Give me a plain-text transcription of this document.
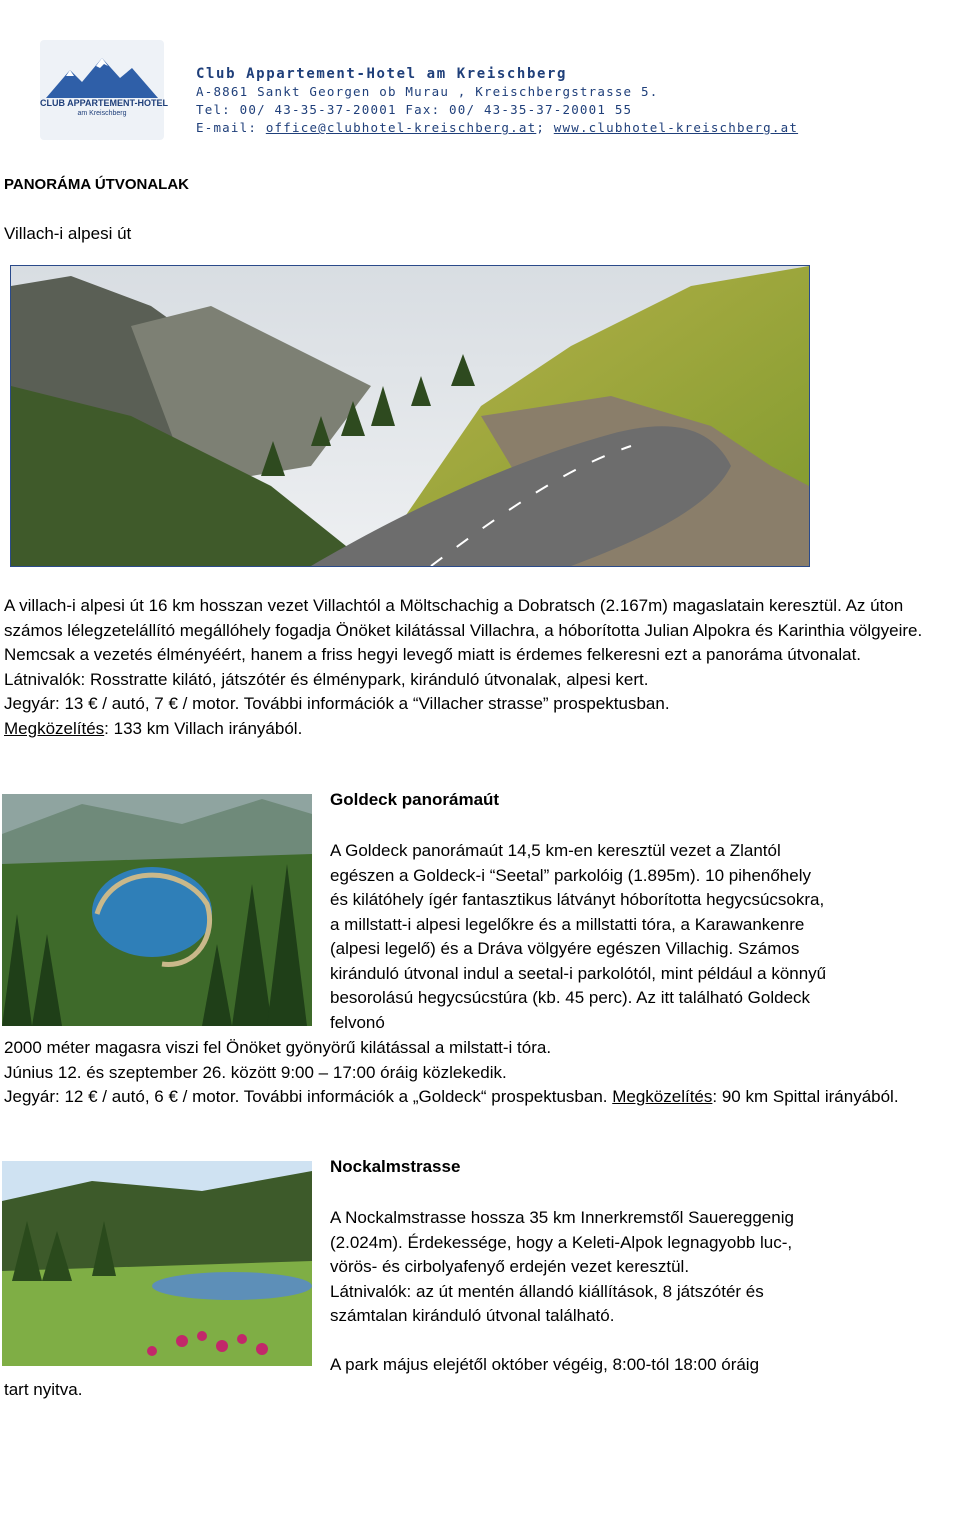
CLUB APPARTEMENT-HOTEL
am Kreischberg
Club Appartement-Hotel am Kreischberg
A-8861 Sankt Georgen ob Murau , Kreischbergstrasse 5.
Tel: 00/ 43-35-37-20001 Fax: 00/ 43-35-37-20001 55
E-mail: office@clubhotel-kreischberg.at; www.clubhotel-kreischberg.at
PANORÁMA ÚTVONALAK
Villach-i alpesi út

A villach-i alpesi út 16 km hosszan vezet Villachtól a Möltschachig a Dobratsch (2.167m) magaslatain keresztül. Az úton számos lélegzetelállító megállóhely fogadja Önöket kilátással Villachra, a hóborította Julian Alpokra és Karinthia völgyeire. Nemcsak a vezetés élményéért, hanem a friss hegyi levegő miatt is érdemes felkeresni ezt a panoráma útvonalat.

Látnivalók: Rosstratte kilátó, játszótér és élménypark, kiránduló útvonalak, alpesi kert.

Jegyár: 13 € / autó, 7 € / motor. További információk a “Villacher strasse” prospektusban.

Megközelítés: 133 km Villach irányából.

Goldeck panorámaút
A Goldeck panorámaút 14,5 km-en keresztül vezet a Zlantól egészen a Goldeck-i “Seetal” parkolóig (1.895m). 10 pihenőhely és kilátóhely ígér fantasztikus látványt hóborította hegycsúcsokra, a millstatt-i alpesi legelőkre és a millstatti tóra, a Karawankenre (alpesi legelő) és a Dráva völgyére egészen Villachig. Számos kiránduló útvonal indul a seetal-i parkolótól, mint például a könnyű besorolású hegycsúcstúra (kb. 45 perc). Az itt található Goldeck felvonó
2000 méter magasra viszi fel Önöket gyönyörű kilátással a milstatt-i tóra.
Június 12. és szeptember 26. között 9:00 – 17:00 óráig közlekedik.
Jegyár: 12 € / autó, 6 € / motor. További információk a „Goldeck“ prospektusban. Megközelítés: 90 km Spittal irányából.
Nockalmstrasse
A Nockalmstrasse hossza 35 km Innerkremstől Sauereggenig (2.024m). Érdekessége, hogy a Keleti-Alpok legnagyobb luc-, vörös- és cirbolyafenyő erdején vezet keresztül.
Látnivalók: az út mentén állandó kiállítások, 8 játszótér és számtalan kiránduló útvonal található.
A park május elejétől október végéig, 8:00-tól 18:00 óráig
tart nyitva.
